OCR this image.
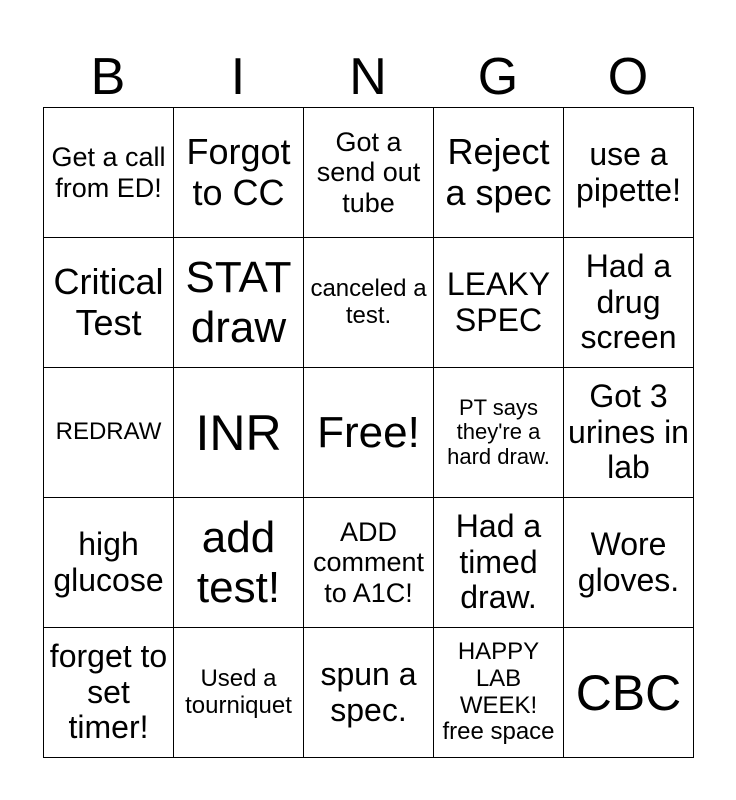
B	I	N	G	O
Get a call from ED!	Forgot to CC	Got a send out tube	Reject a spec	use a pipette!
Critical Test	STAT draw	canceled a test.	LEAKY SPEC	Had a drug screen
REDRAW	INR	Free!	PT says they're a hard draw.	Got 3 urines in lab
high glucose	add test!	ADD comment to A1C!	Had a timed draw.	Wore gloves.
forget to set timer!	Used a tourniquet	spun a spec.	HAPPY LAB WEEK! free space	CBC
